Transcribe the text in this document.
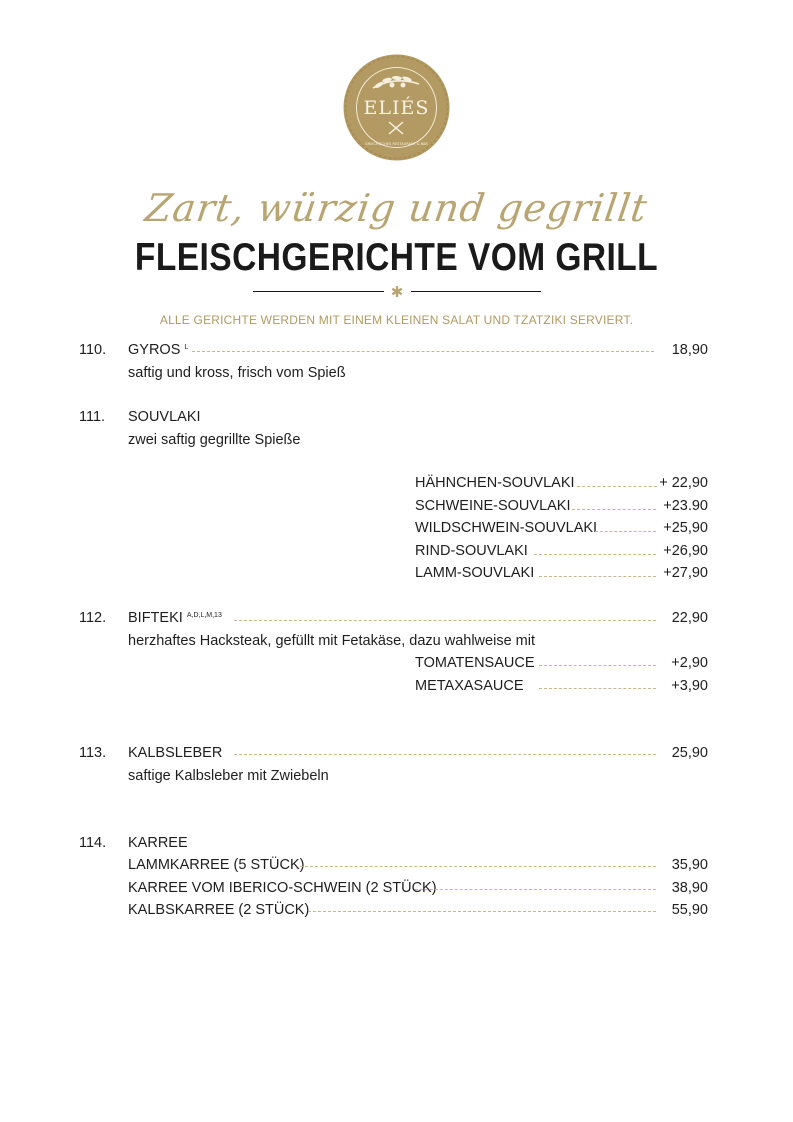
ELIÉS
GRIECHISCHES RESTAURANT & BAR
Zart, würzig und gegrillt
FLEISCHGERICHTE VOM GRILL
✱
ALLE GERICHTE WERDEN MIT EINEM KLEINEN SALAT UND TZATZIKI SERVIERT.
110. GYROS $^L$	18,90
saftig und kross, frisch vom Spieß
111. SOUVLAKI
zwei saftig gegrillte Spieße
HÄHNCHEN-SOUVLAKI	+ 22,90
SCHWEINE-SOUVLAKI	+23.90
WILDSCHWEIN-SOUVLAKI	+25,90
RIND-SOUVLAKI	+26,90
LAMM-SOUVLAKI	+27,90
112. BIFTEKI $^{A,D,L,M,13}$	22,90
herzhaftes Hacksteak, gefüllt mit Fetakäse, dazu wahlweise mit
TOMATENSAUCE	+2,90
METAXASAUCE	+3,90
113. KALBSLEBER	25,90
saftige Kalbsleber mit Zwiebeln
114. KARREE
LAMMKARREE (5 STÜCK)	35,90
KARREE VOM IBERICO-SCHWEIN (2 STÜCK)	38,90
KALBSKARREE (2 STÜCK)	55,90
